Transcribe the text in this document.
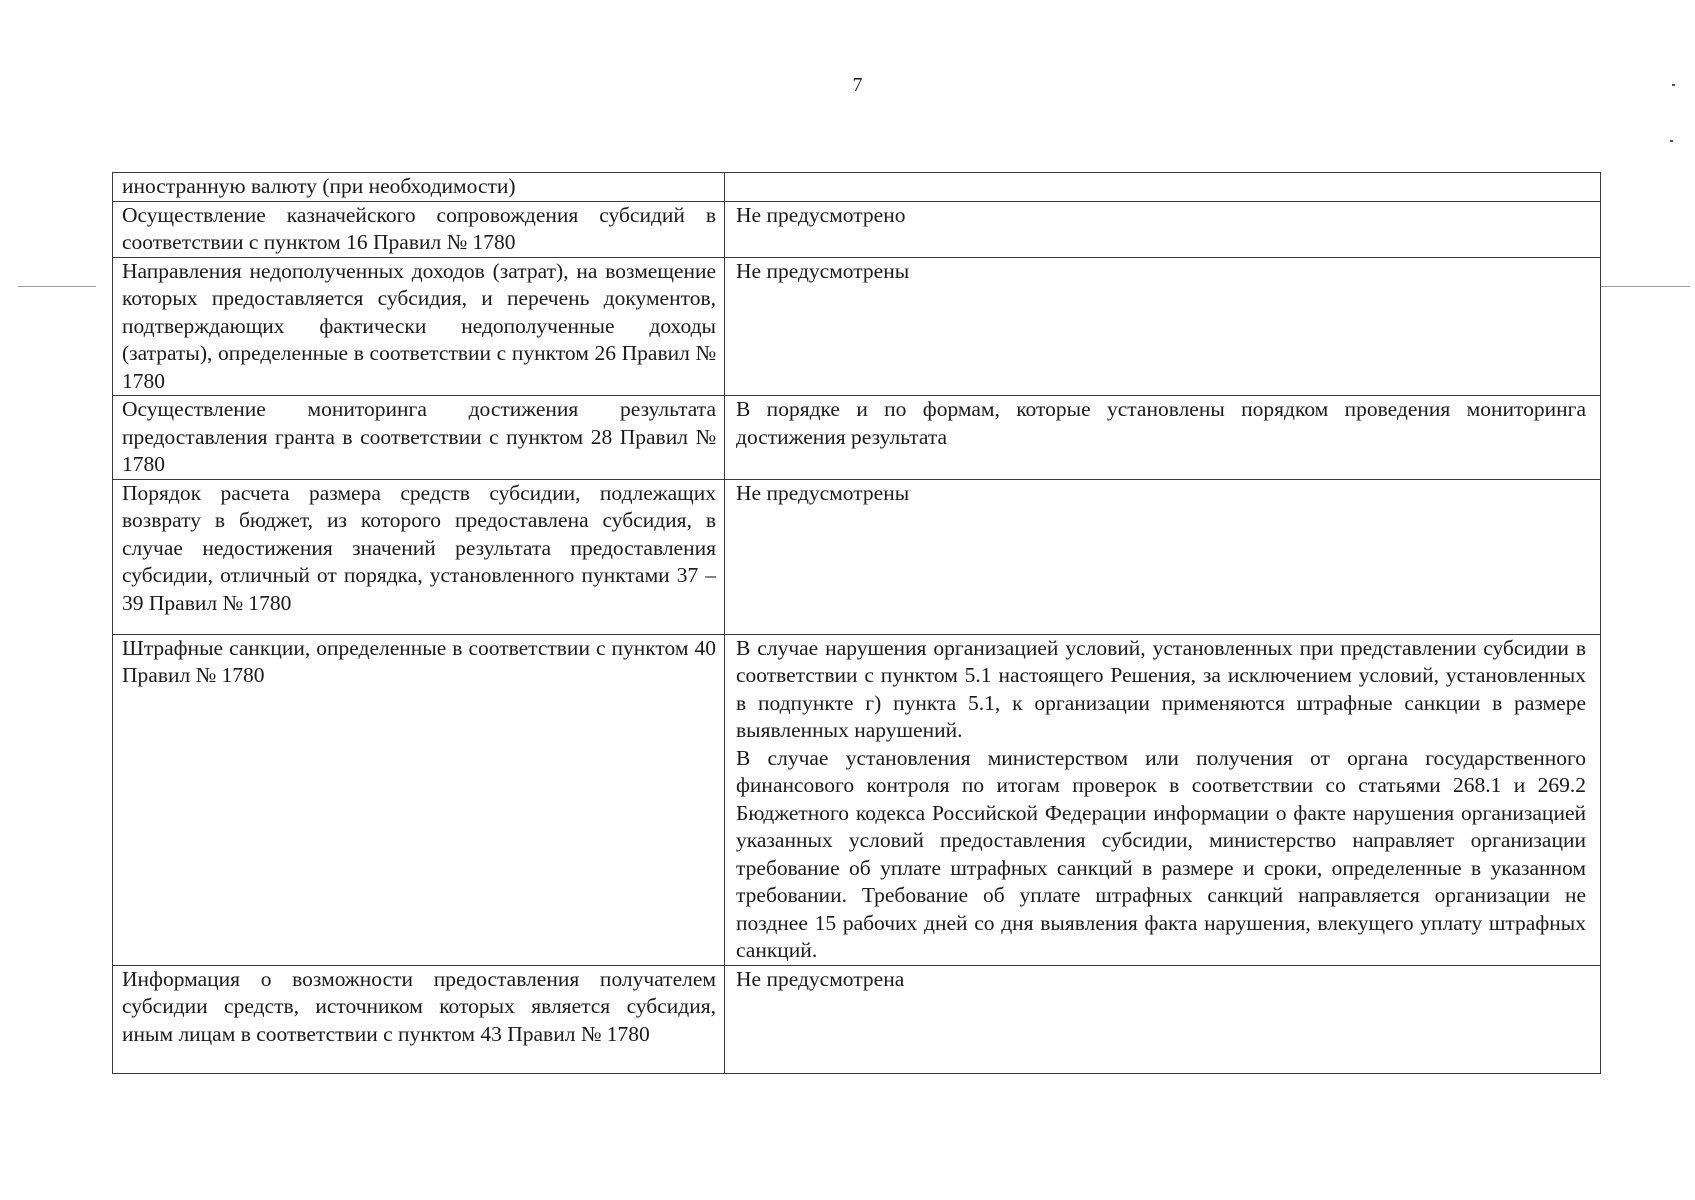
7
иностранную валюту (при необходимости)	

Осуществление казначейского сопровождения субсидий в соответствии с пунктом 16 Правил № 1780	Не предусмотрено

Направления недополученных доходов (затрат), на возмещение которых предоставляется субсидия, и перечень документов, подтверждающих фактически недополученные доходы (затраты), определенные в соответствии с пунктом 26 Правил № 1780	Не предусмотрены

Осуществление мониторинга достижения результата предоставления гранта в соответствии с пунктом 28 Правил № 1780	В порядке и по формам, которые установлены порядком проведения мониторинга достижения результата

Порядок расчета размера средств субсидии, подлежащих возврату в бюджет, из которого предоставлена субсидия, в случае недостижения значений результата предоставления субсидии, отличный от порядка, установленного пунктами 37 – 39 Правил № 1780	Не предусмотрены

Штрафные санкции, определенные в соответствии с пунктом 40 Правил № 1780	В случае нарушения организацией условий, установленных при представлении субсидии в соответствии с пунктом 5.1 настоящего Решения, за исключением условий, установленных в подпункте г) пункта 5.1, к организации применяются штрафные санкции в размере выявленных нарушений.
В случае установления министерством или получения от органа государственного финансового контроля по итогам проверок в соответствии со статьями 268.1 и 269.2 Бюджетного кодекса Российской Федерации информации о факте нарушения организацией указанных условий предоставления субсидии, министерство направляет организации требование об уплате штрафных санкций в размере и сроки, определенные в указанном требовании. Требование об уплате штрафных санкций направляется организации не позднее 15 рабочих дней со дня выявления факта нарушения, влекущего уплату штрафных санкций.

Информация о возможности предоставления получателем субсидии средств, источником которых является субсидия, иным лицам в соответствии с пунктом 43 Правил № 1780	Не предусмотрена
